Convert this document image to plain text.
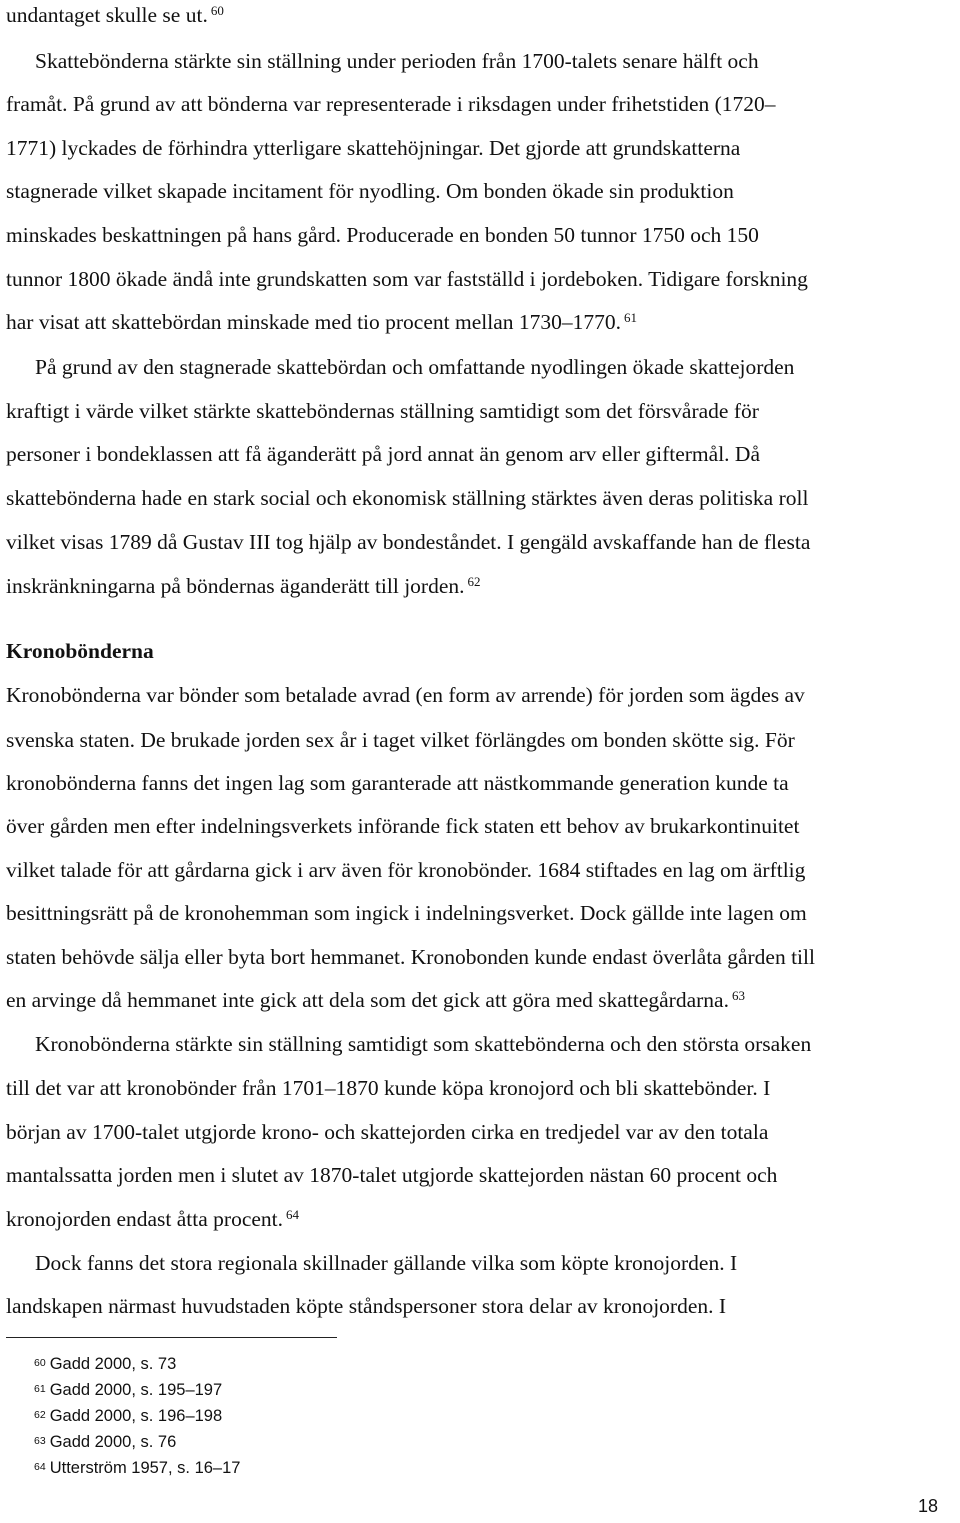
undantaget skulle se ut. $^{60}$
Skattebönderna stärkte sin ställning under perioden från 1700-talets senare hälft och
framåt. På grund av att bönderna var representerade i riksdagen under frihetstiden (1720–
1771) lyckades de förhindra ytterligare skattehöjningar. Det gjorde att grundskatterna
stagnerade vilket skapade incitament för nyodling. Om bonden ökade sin produktion
minskades beskattningen på hans gård. Producerade en bonden 50 tunnor 1750 och 150
tunnor 1800 ökade ändå inte grundskatten som var fastställd i jordeboken. Tidigare forskning
har visat att skattebördan minskade med tio procent mellan 1730–1770. $^{61}$
På grund av den stagnerade skattebördan och omfattande nyodlingen ökade skattejorden
kraftigt i värde vilket stärkte skatteböndernas ställning samtidigt som det försvårade för
personer i bondeklassen att få äganderätt på jord annat än genom arv eller giftermål. Då
skattebönderna hade en stark social och ekonomisk ställning stärktes även deras politiska roll
vilket visas 1789 då Gustav III tog hjälp av bondeståndet. I gengäld avskaffande han de flesta
inskränkningarna på böndernas äganderätt till jorden. $^{62}$
Kronobönderna
Kronobönderna var bönder som betalade avrad (en form av arrende) för jorden som ägdes av
svenska staten. De brukade jorden sex år i taget vilket förlängdes om bonden skötte sig. För
kronobönderna fanns det ingen lag som garanterade att nästkommande generation kunde ta
över gården men efter indelningsverkets införande fick staten ett behov av brukarkontinuitet
vilket talade för att gårdarna gick i arv även för kronobönder. 1684 stiftades en lag om ärftlig
besittningsrätt på de kronohemman som ingick i indelningsverket. Dock gällde inte lagen om
staten behövde sälja eller byta bort hemmanet. Kronobonden kunde endast överlåta gården till
en arvinge då hemmanet inte gick att dela som det gick att göra med skattegårdarna. $^{63}$
Kronobönderna stärkte sin ställning samtidigt som skattebönderna och den största orsaken
till det var att kronobönder från 1701–1870 kunde köpa kronojord och bli skattebönder. I
början av 1700-talet utgjorde krono- och skattejorden cirka en tredjedel var av den totala
mantalssatta jorden men i slutet av 1870-talet utgjorde skattejorden nästan 60 procent och
kronojorden endast åtta procent. $^{64}$
Dock fanns det stora regionala skillnader gällande vilka som köpte kronojorden. I
landskapen närmast huvudstaden köpte ståndspersoner stora delar av kronojorden. I
$^{60}$ Gadd 2000, s. 73
$^{61}$ Gadd 2000, s. 195–197
$^{62}$ Gadd 2000, s. 196–198
$^{63}$ Gadd 2000, s. 76
$^{64}$ Utterström 1957, s. 16–17
18
